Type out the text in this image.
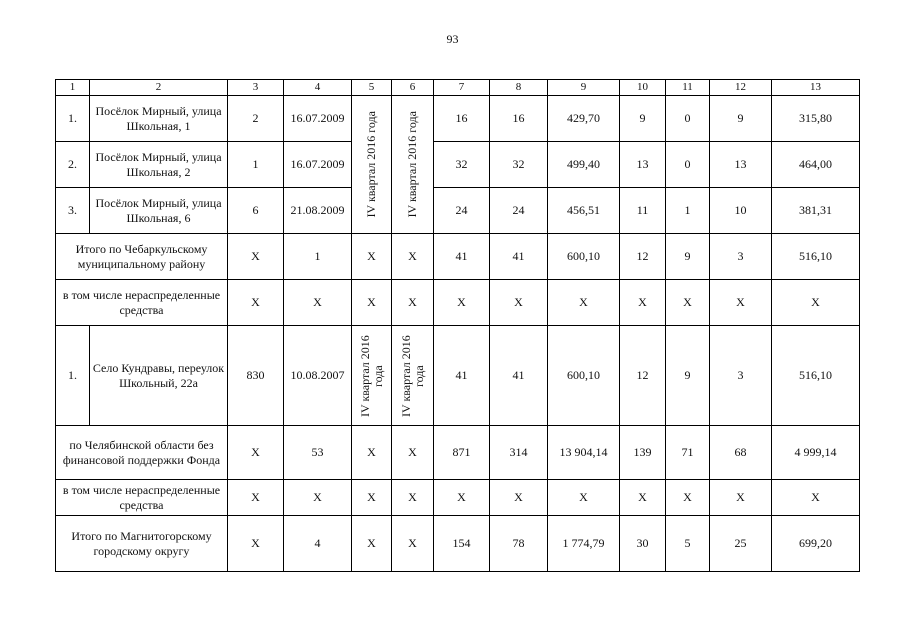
93
1	2	3	4	5	6	7	8	9	10	11	12	13
1.	Посёлок Мирный, улица Школьная, 1	2	16.07.2009	IV квартал 2016 года	IV квартал 2016 года	16	16	429,70	9	0	9	315,80
2.	Посёлок Мирный, улица Школьная, 2	1	16.07.2009			32	32	499,40	13	0	13	464,00
3.	Посёлок Мирный, улица Школьная, 6	6	21.08.2009			24	24	456,51	11	1	10	381,31
Итого по Чебаркульскому муниципальному району		X	1	X	X	41	41	600,10	12	9	3	516,10
в том числе нераспределенные средства		X	X	X	X	X	X	X	X	X	X	X
1.	Село Кундравы, переулок Школьный, 22а	830	10.08.2007	IV квартал 2016 года	IV квартал 2016 года	41	41	600,10	12	9	3	516,10
по Челябинской области без финансовой поддержки Фонда		X	53	X	X	871	314	13 904,14	139	71	68	4 999,14
в том числе нераспределенные средства		X	X	X	X	X	X	X	X	X	X	X
Итого по Магнитогорскому городскому округу		X	4	X	X	154	78	1 774,79	30	5	25	699,20
